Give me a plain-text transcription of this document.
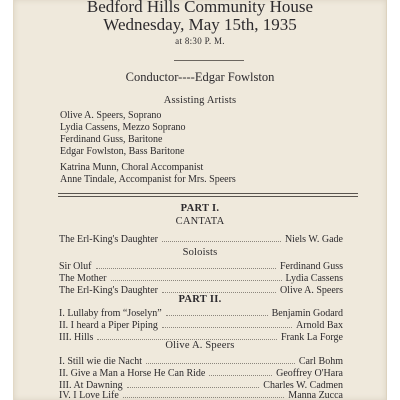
Bedford Hills Community House
Wednesday, May 15th, 1935
at 8:30 P. M.
Conductor----Edgar Fowlston
Assisting Artists
Olive A. Speers, Soprano
Lydia Cassens, Mezzo Soprano
Ferdinand Guss, Baritone
Edgar Fowlston, Bass Baritone
Katrina Munn, Choral Accompanist
Anne Tindale, Accompanist for Mrs. Speers
PART I.
CANTATA
The Erl-King's Daughter	Niels W. Gade
Soloists
Sir Oluf	Ferdinand Guss
The Mother	Lydia Cassens
The Erl-King's Daughter	Olive A. Speers
PART II.
I. Lullaby from “Joselyn”	Benjamin Godard
II. I heard a Piper Piping	Arnold Bax
III. Hills	Frank La Forge
Olive A. Speers
I. Still wie die Nacht	Carl Bohm
II. Give a Man a Horse He Can Ride	Geoffrey O'Hara
III. At Dawning	Charles W. Cadmen
IV. I Love Life	Manna Zucca
